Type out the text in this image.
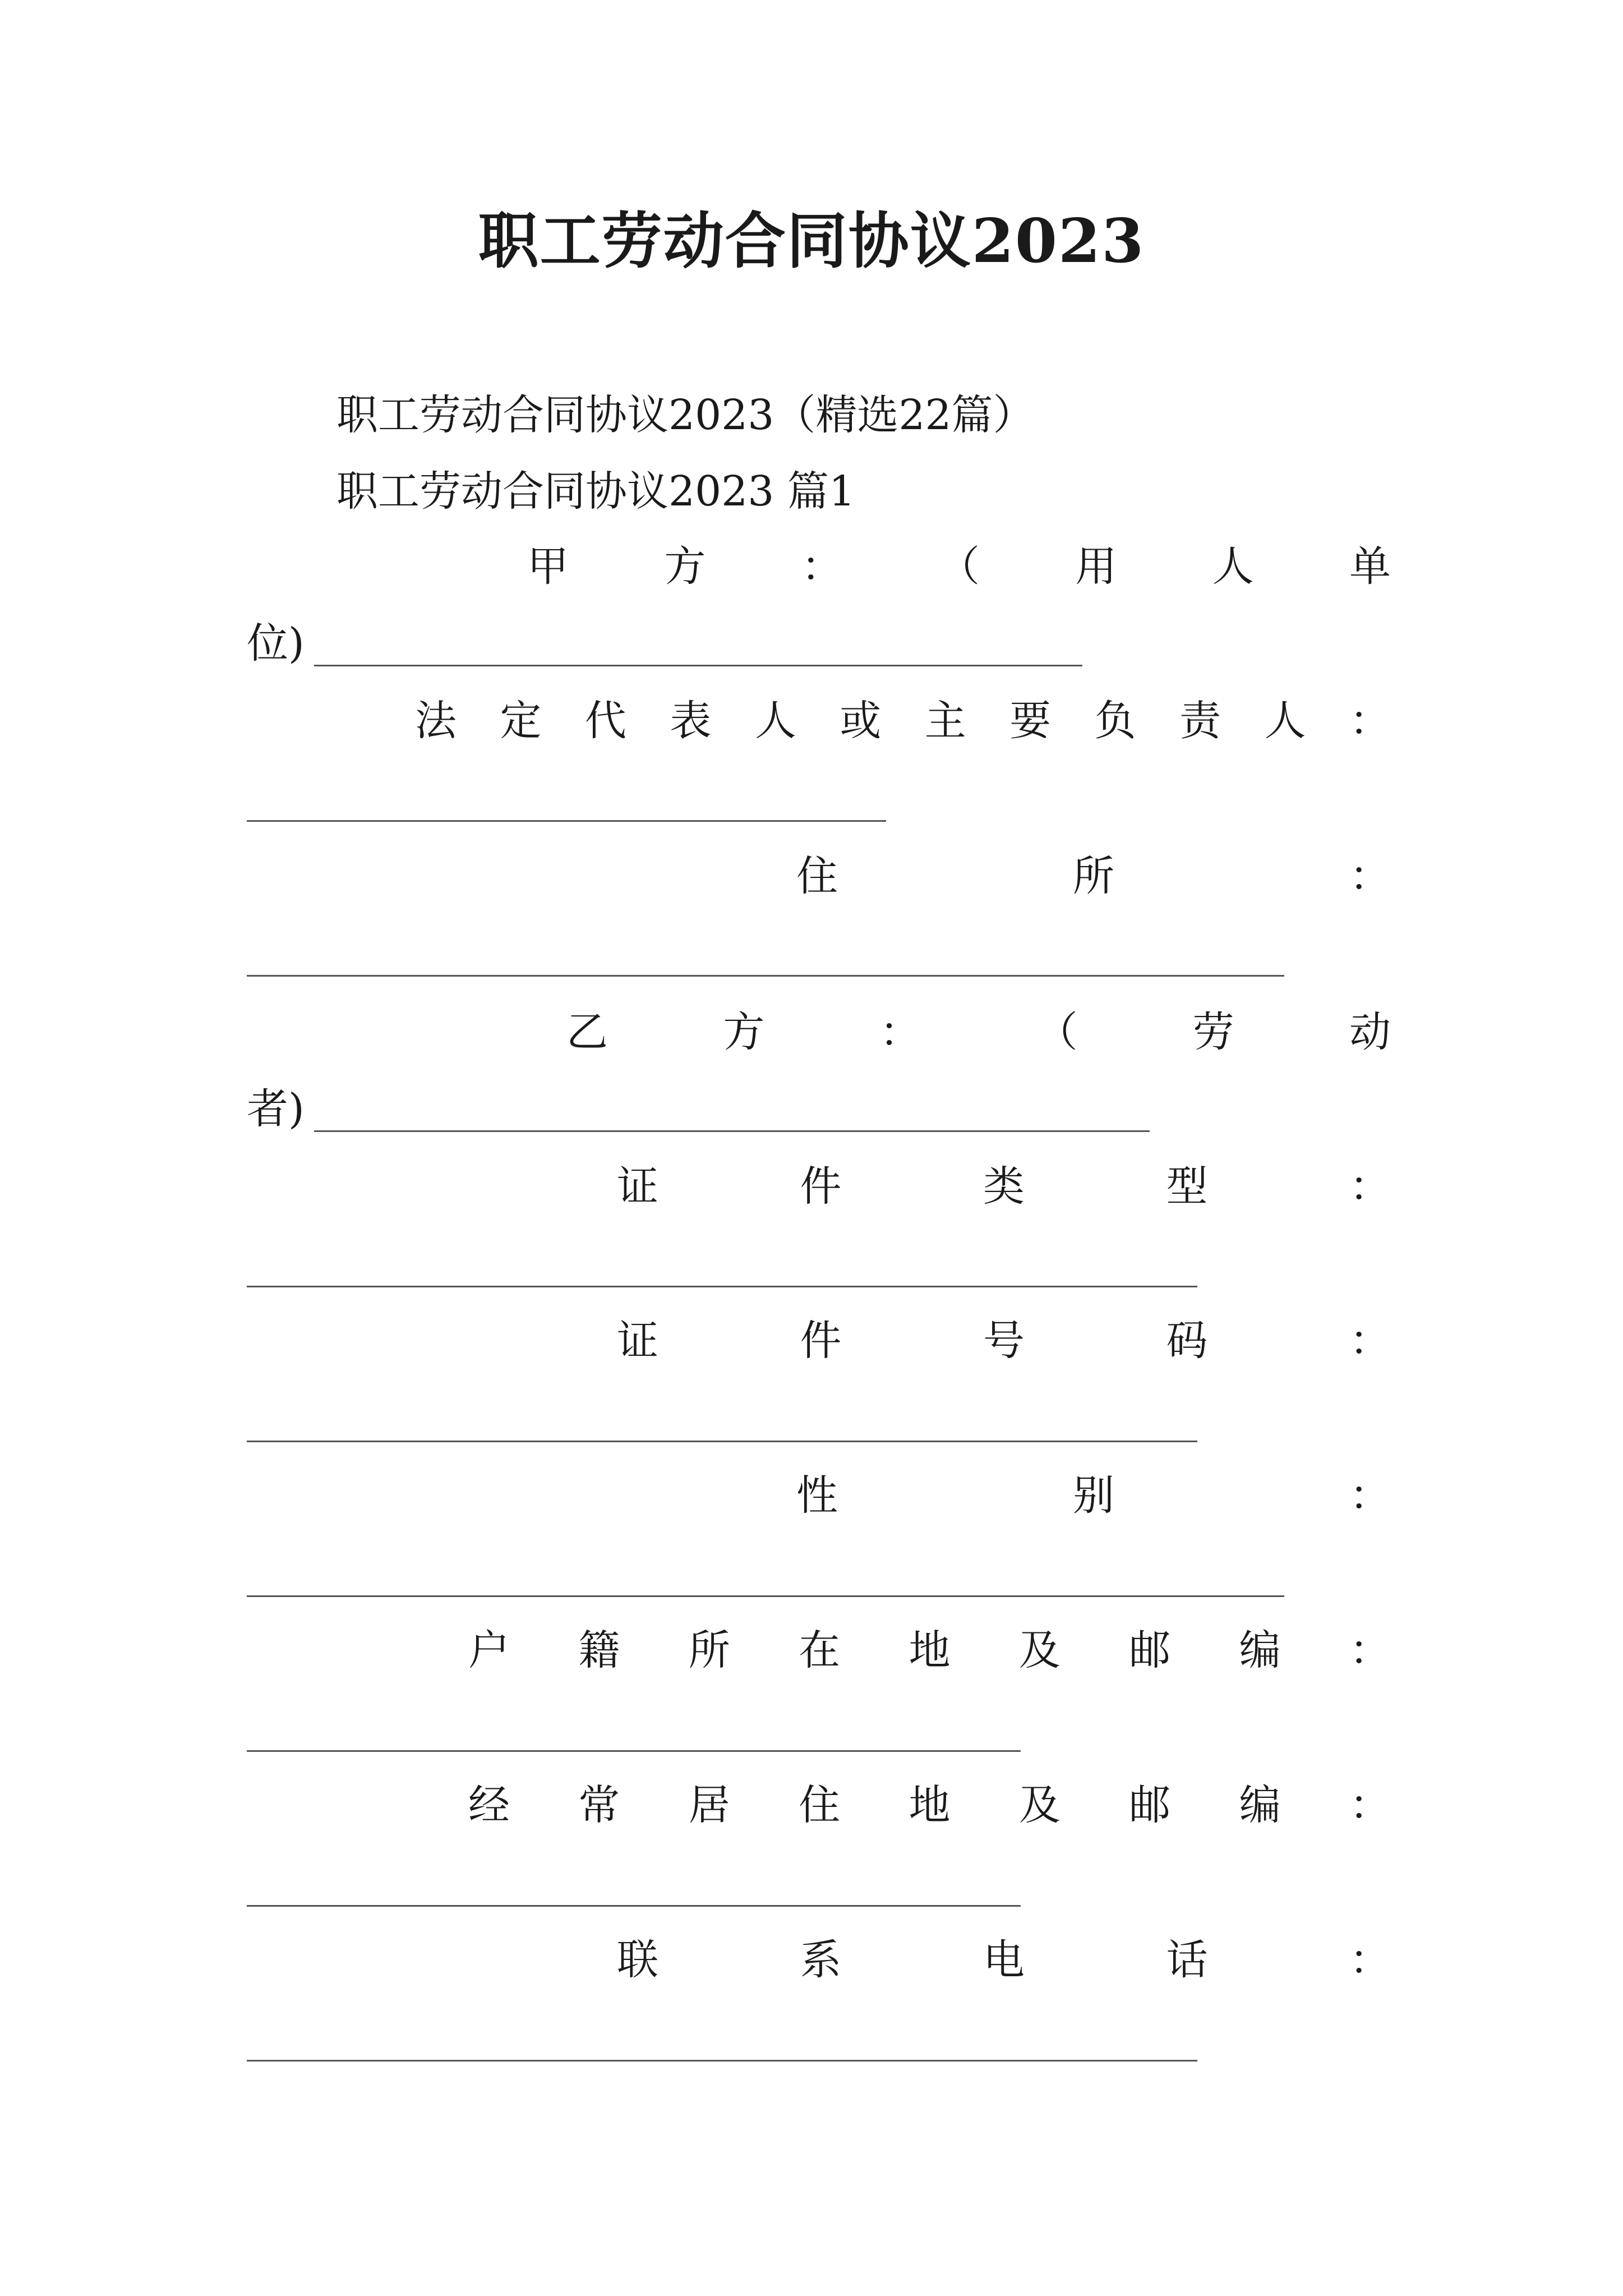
职工劳动合同协议2023
职工劳动合同协议2023（精选22篇）
职工劳动合同协议2023 篇1
甲 方 ： （ 用 人 单
位)
法 定 代 表 人 或 主 要 负 责 人 ：
住	所	：
乙	方	：	（	劳	动
者)
证	件	类	型	：
证	件	号	码	：
性	别	：
户 籍 所 在 地 及 邮 编 ：
经 常 居 住 地 及 邮 编 ：
联	系	电	话	：
